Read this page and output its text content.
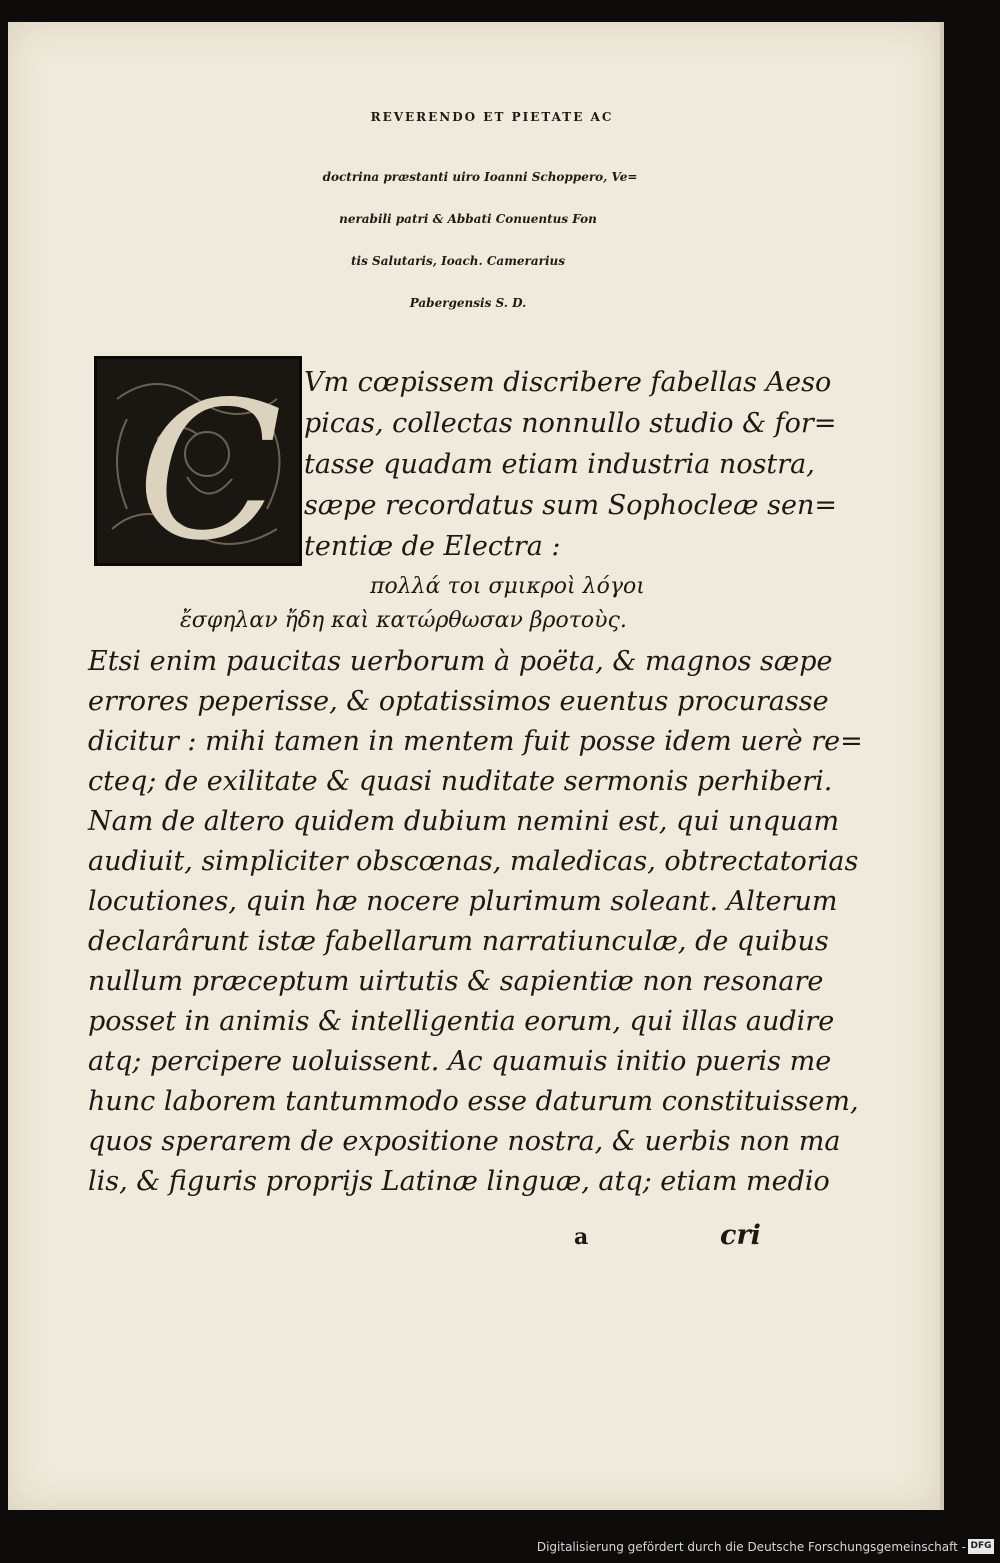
REVERENDO ET PIETATE AC
doctrina præstanti uiro Ioanni Schoppero, Ve=
nerabili patri & Abbati Conuentus Fon
tis Salutaris, Ioach. Camerarius
Pabergensis S. D.
C Vm cœpissem discribere fabellas Aeso
picas, collectas nonnullo studio & for=
tasse quadam etiam industria nostra,
sæpe recordatus sum Sophocleæ sen=
tentiæ de Electra :
πολλά τοι σμικροὶ λόγοι
ἔσφηλαν ἤδη καὶ κατώρθωσαν βροτοὺς.
Etsi enim paucitas uerborum à poëta, & magnos sæpe
errores peperisse, & optatissimos euentus procurasse
dicitur : mihi tamen in mentem fuit posse idem uerè re=
cteq; de exilitate & quasi nuditate sermonis perhiberi.
Nam de altero quidem dubium nemini est, qui unquam
audiuit, simpliciter obscœnas, maledicas, obtrectatorias
locutiones, quin hæ nocere plurimum soleant. Alterum
declarârunt istæ fabellarum narratiunculæ, de quibus
nullum præceptum uirtutis & sapientiæ non resonare
posset in animis & intelligentia eorum, qui illas audire
atq; percipere uoluissent. Ac quamuis initio pueris me
hunc laborem tantummodo esse daturum constituissem,
quos sperarem de expositione nostra, & uerbis non ma
lis, & figuris proprijs Latinæ linguæ, atq; etiam medio
a	cri
Digitalisierung gefördert durch die Deutsche Forschungsgemeinschaft - DFG
